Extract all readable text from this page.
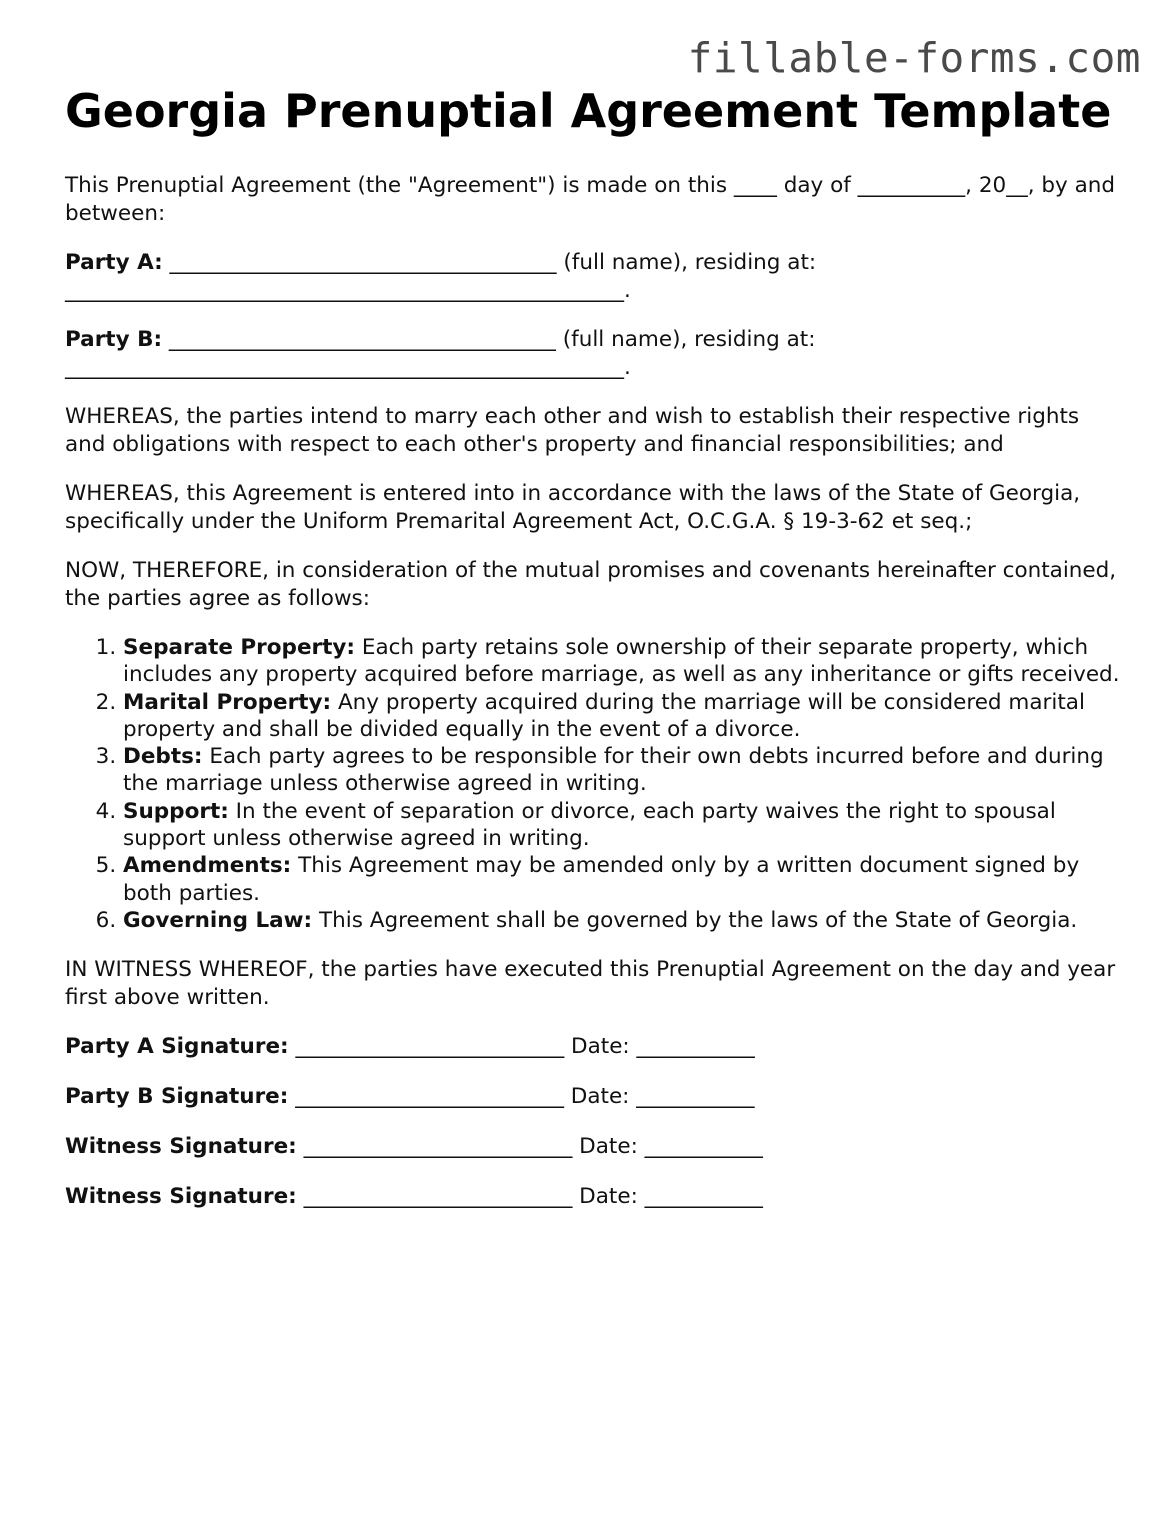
fillable-forms.com
Georgia Prenuptial Agreement Template

This Prenuptial Agreement (the "Agreement") is made on this ____ day of __________, 20__, by and between:

Party A: ____________________________________ (full name), residing at: ____________________________________________________.

Party B: ____________________________________ (full name), residing at: ____________________________________________________.

WHEREAS, the parties intend to marry each other and wish to establish their respective rights and obligations with respect to each other's property and financial responsibilities; and

WHEREAS, this Agreement is entered into in accordance with the laws of the State of Georgia, specifically under the Uniform Premarital Agreement Act, O.C.G.A. § 19-3-62 et seq.;

NOW, THEREFORE, in consideration of the mutual promises and covenants hereinafter contained, the parties agree as follows:

1. Separate Property: Each party retains sole ownership of their separate property, which includes any property acquired before marriage, as well as any inheritance or gifts received.
2. Marital Property: Any property acquired during the marriage will be considered marital property and shall be divided equally in the event of a divorce.
3. Debts: Each party agrees to be responsible for their own debts incurred before and during the marriage unless otherwise agreed in writing.
4. Support: In the event of separation or divorce, each party waives the right to spousal support unless otherwise agreed in writing.
5. Amendments: This Agreement may be amended only by a written document signed by both parties.
6. Governing Law: This Agreement shall be governed by the laws of the State of Georgia.

IN WITNESS WHEREOF, the parties have executed this Prenuptial Agreement on the day and year first above written.

Party A Signature: _________________________ Date: ___________

Party B Signature: _________________________ Date: ___________

Witness Signature: _________________________ Date: ___________

Witness Signature: _________________________ Date: ___________
